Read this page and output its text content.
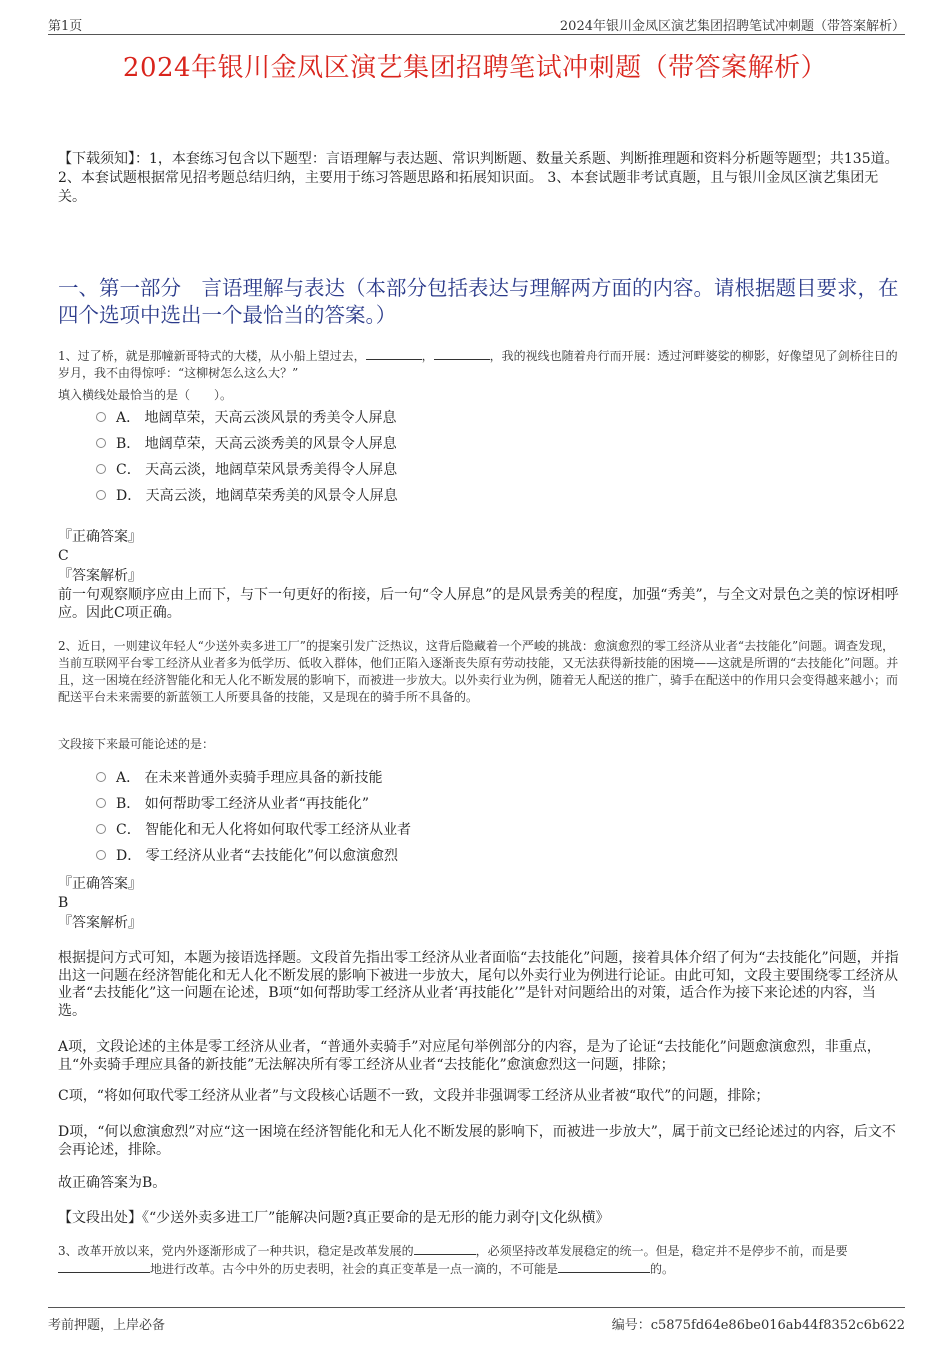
第1页	2024年银川金凤区演艺集团招聘笔试冲刺题（带答案解析）
2024年银川金凤区演艺集团招聘笔试冲刺题（带答案解析）
【下载须知】：1，本套练习包含以下题型：言语理解与表达题、常识判断题、数量关系题、判断推理题和资料分析题等题型；共135道。 2、本套试题根据常见招考题总结归纳，主要用于练习答题思路和拓展知识面。 3、本套试题非考试真题，且与银川金凤区演艺集团无关。
一、第一部分　言语理解与表达（本部分包括表达与理解两方面的内容。请根据题目要求，在四个选项中选出一个最恰当的答案。）
1、过了桥，就是那幢新哥特式的大楼，从小船上望过去，	，	，我的视线也随着舟行而开展：透过河畔婆娑的柳影，好像望见了剑桥往日的岁月，我不由得惊呼：“这柳树怎么这么大？”
填入横线处最恰当的是（　　）。
A． 地阔草荣，天高云淡风景的秀美令人屏息
B． 地阔草荣，天高云淡秀美的风景令人屏息
C． 天高云淡，地阔草荣风景秀美得令人屏息
D． 天高云淡，地阔草荣秀美的风景令人屏息
『正确答案』
C
『答案解析』
前一句观察顺序应由上而下，与下一句更好的衔接，后一句“令人屏息”的是风景秀美的程度，加强“秀美”，与全文对景色之美的惊讶相呼应。因此C项正确。
2、近日，一则建议年轻人“少送外卖多进工厂”的提案引发广泛热议，这背后隐藏着一个严峻的挑战：愈演愈烈的零工经济从业者“去技能化”问题。调查发现，当前互联网平台零工经济从业者多为低学历、低收入群体，他们正陷入逐渐丧失原有劳动技能，又无法获得新技能的困境——这就是所谓的“去技能化”问题。并且，这一困境在经济智能化和无人化不断发展的影响下，而被进一步放大。以外卖行业为例，随着无人配送的推广，骑手在配送中的作用只会变得越来越小；而配送平台未来需要的新蓝领工人所要具备的技能，又是现在的骑手所不具备的。
文段接下来最可能论述的是：
A． 在未来普通外卖骑手理应具备的新技能
B． 如何帮助零工经济从业者“再技能化”
C． 智能化和无人化将如何取代零工经济从业者
D． 零工经济从业者“去技能化”何以愈演愈烈
『正确答案』
B
『答案解析』
根据提问方式可知，本题为接语选择题。文段首先指出零工经济从业者面临“去技能化”问题，接着具体介绍了何为“去技能化”问题，并指出这一问题在经济智能化和无人化不断发展的影响下被进一步放大，尾句以外卖行业为例进行论证。由此可知，文段主要围绕零工经济从业者“去技能化”这一问题在论述，B项“如何帮助零工经济从业者‘再技能化’”是针对问题给出的对策，适合作为接下来论述的内容，当选。
A项，文段论述的主体是零工经济从业者，“普通外卖骑手”对应尾句举例部分的内容，是为了论证“去技能化”问题愈演愈烈，非重点，且“外卖骑手理应具备的新技能”无法解决所有零工经济从业者“去技能化”愈演愈烈这一问题，排除；
C项，“将如何取代零工经济从业者”与文段核心话题不一致，文段并非强调零工经济从业者被“取代”的问题，排除；
D项，“何以愈演愈烈”对应“这一困境在经济智能化和无人化不断发展的影响下，而被进一步放大”，属于前文已经论述过的内容，后文不会再论述，排除。
故正确答案为B。
【文段出处】《“少送外卖多进工厂”能解决问题?真正要命的是无形的能力剥夺|文化纵横》
3、改革开放以来，党内外逐渐形成了一种共识，稳定是改革发展的	，必须坚持改革发展稳定的统一。但是，稳定并不是停步不前，而是要地进行改革。古今中外的历史表明，社会的真正变革是一点一滴的，不可能是	的。
考前押题，上岸必备	编号：c5875fd64e86be016ab44f8352c6b622
